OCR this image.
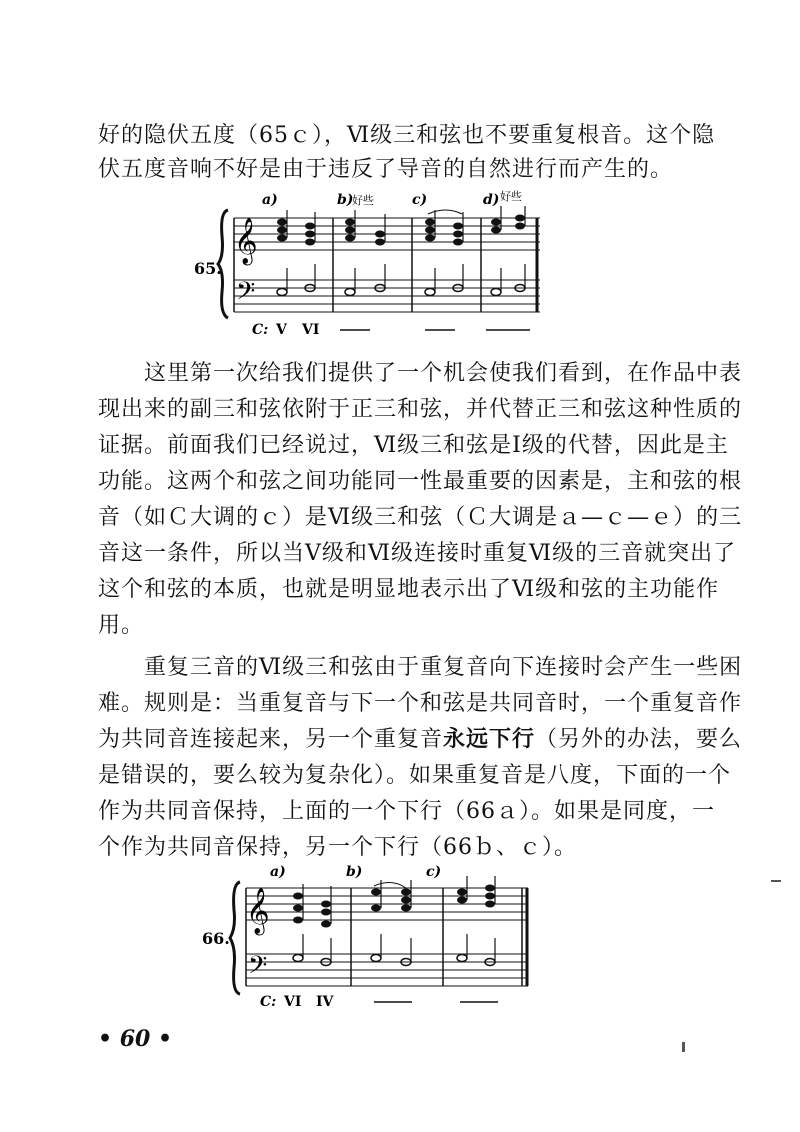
好的隐伏五度（65ｃ），Ⅵ级三和弦也不要重复根音。这个隐
伏五度音响不好是由于违反了导音的自然进行而产生的。
a)	b)
好些	c)	d) 好些
65.
𝄞
𝄢
C: V VI
这里第一次给我们提供了一个机会使我们看到，在作品中表
现出来的副三和弦依附于正三和弦，并代替正三和弦这种性质的
证据。前面我们已经说过，Ⅵ级三和弦是Ⅰ级的代替，因此是主
功能。这两个和弦之间功能同一性最重要的因素是，主和弦的根
音（如Ｃ大调的ｃ）是Ⅵ级三和弦（Ｃ大调是ａ—ｃ—ｅ）的三
音这一条件，所以当Ⅴ级和Ⅵ级连接时重复Ⅵ级的三音就突出了
这个和弦的本质，也就是明显地表示出了Ⅵ级和弦的主功能作
用。
重复三音的Ⅵ级三和弦由于重复音向下连接时会产生一些困
难。规则是：当重复音与下一个和弦是共同音时，一个重复音作
为共同音连接起来，另一个重复音永远下行（另外的办法，要么
是错误的，要么较为复杂化）。如果重复音是八度，下面的一个
作为共同音保持，上面的一个下行（66ａ）。如果是同度，一
个作为共同音保持，另一个下行（66ｂ、ｃ）。
a)	b)	c)
66.
𝄞
𝄢
C: VI IV
• 60 •
